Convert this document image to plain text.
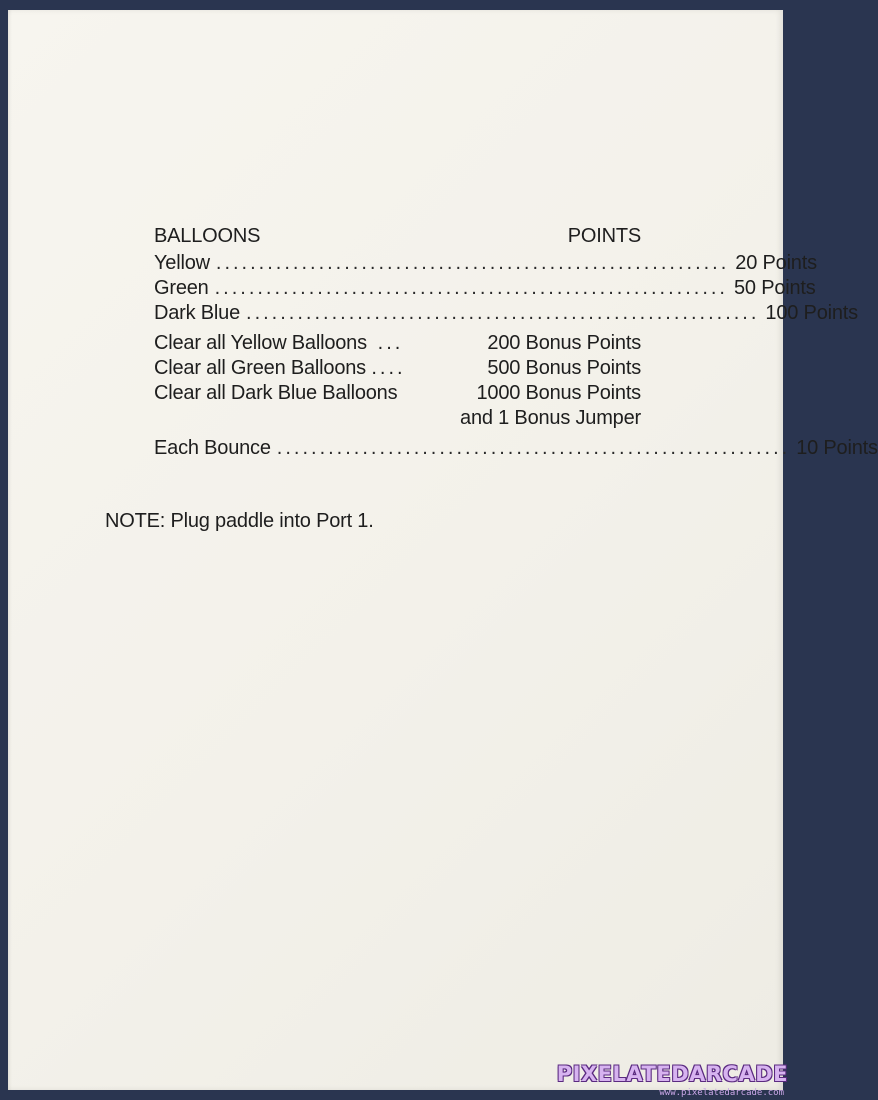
BALLOONS	POINTS
Yellow ............................................................ 20 Points
Green ............................................................ 50 Points
Dark Blue ............................................................ 100 Points
Clear all Yellow Balloons ...	200 Bonus Points
Clear all Green Balloons ....	500 Bonus Points
Clear all Dark Blue Balloons	1000 Bonus Points
and 1 Bonus Jumper
Each Bounce ............................................................ 10 Points
NOTE: Plug paddle into Port 1.
PIXELATEDARCADE
www.pixelatedarcade.com
